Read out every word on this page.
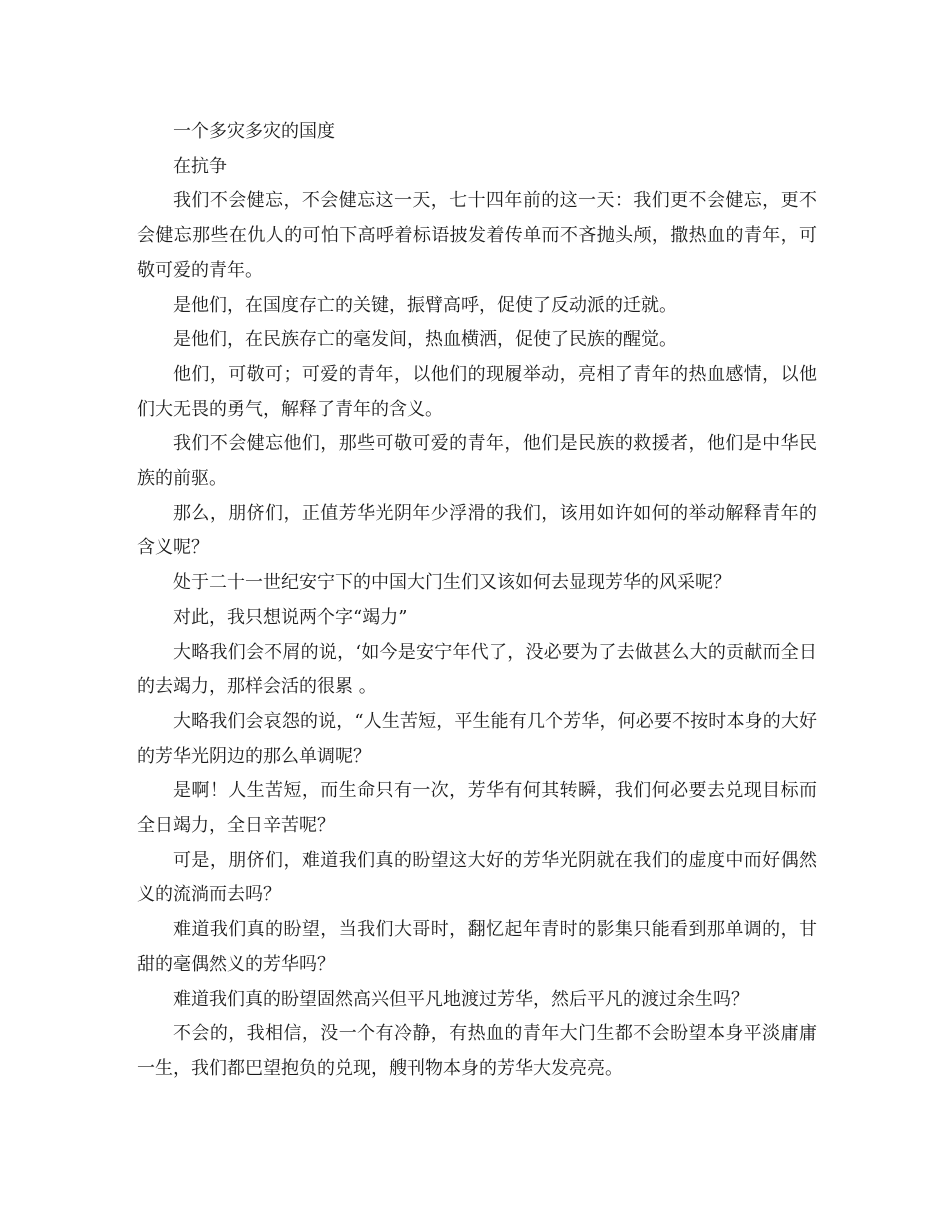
一个多灾多灾的国度

在抗争

我们不会健忘，不会健忘这一天，七十四年前的这一天：我们更不会健忘，更不会健忘那些在仇人的可怕下高呼着标语披发着传单而不吝抛头颅，撒热血的青年，可敬可爱的青年。

是他们，在国度存亡的关键，振臂高呼，促使了反动派的迁就。

是他们，在民族存亡的毫发间，热血横洒，促使了民族的醒觉。

他们，可敬可；可爱的青年，以他们的现履举动，亮相了青年的热血感情，以他们大无畏的勇气，解释了青年的含义。

我们不会健忘他们，那些可敬可爱的青年，他们是民族的救援者，他们是中华民族的前驱。

那么，朋侪们，正值芳华光阴年少浮滑的我们，该用如许如何的举动解释青年的含义呢？

处于二十一世纪安宁下的中国大门生们又该如何去显现芳华的风采呢？

对此，我只想说两个字“竭力”

大略我们会不屑的说，‘如今是安宁年代了，没必要为了去做甚么大的贡献而全日的去竭力，那样会活的很累 。

大略我们会哀怨的说，“人生苦短，平生能有几个芳华，何必要不按时本身的大好的芳华光阴边的那么单调呢？

是啊！人生苦短，而生命只有一次，芳华有何其转瞬，我们何必要去兑现目标而全日竭力，全日辛苦呢？

可是，朋侪们，难道我们真的盼望这大好的芳华光阴就在我们的虚度中而好偶然义的流淌而去吗？

难道我们真的盼望，当我们大哥时，翻忆起年青时的影集只能看到那单调的，甘甜的毫偶然义的芳华吗？

难道我们真的盼望固然高兴但平凡地渡过芳华，然后平凡的渡过余生吗？

不会的，我相信，没一个有冷静，有热血的青年大门生都不会盼望本身平淡庸庸一生，我们都巴望抱负的兑现，艘刊物本身的芳华大发亮亮。
